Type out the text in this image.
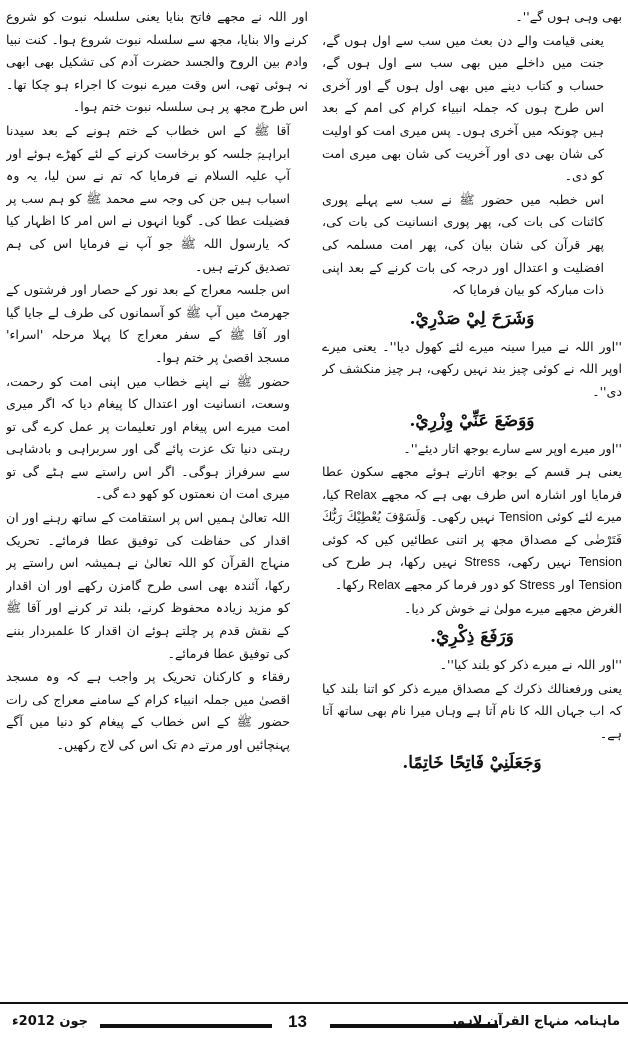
بھی وہی ہوں گے''۔

یعنی قیامت والے دن بعث میں سب سے اول ہوں گے، جنت میں داخلے میں بھی سب سے اول ہوں گے، حساب و کتاب دینے میں بھی اول ہوں گے اور آخری اس طرح ہوں کہ جملہ انبیاء کرام کی امم کے بعد ہیں چونکہ میں آخری ہوں۔ پس میری امت کو اولیت کی شان بھی دی اور آخریت کی شان بھی میری امت کو دی۔

اس خطبہ میں حضور ﷺ نے سب سے پہلے پوری کائنات کی بات کی، پھر پوری انسانیت کی بات کی، پھر قرآن کی شان بیان کی، پھر امت مسلمہ کی افضلیت و اعتدال اور درجہ کی بات کرنے کے بعد اپنی ذات مبارکہ کو بیان فرمایا کہ

وَشَرَحَ لِيْ صَدْرِيْ.

''اور اللہ نے میرا سینہ میرے لئے کھول دیا''۔ یعنی میرے اوپر اللہ نے کوئی چیز بند نہیں رکھی، ہر چیز منکشف کر دی''۔

وَوَضَعَ عَنِّيْ وِزْرِيْ.

''اور میرے اوپر سے سارے بوجھ اتار دیئے''۔

یعنی ہر قسم کے بوجھ اتارتے ہوئے مجھے سکون عطا فرمایا اور اشارہ اس طرف بھی ہے کہ مجھے Relax کیا، میرے لئے کوئی Tension نہیں رکھی۔ وَلَسَوْفَ يُعْطِيْكَ رَبُّكَ فَتَرْضٰى کے مصداق مجھ پر اتنی عطائیں کیں کہ کوئی Tension نہیں رکھی، Stress نہیں رکھا، ہر طرح کی Tension اور Stress کو دور فرما کر مجھے Relax رکھا۔

الغرض مجھے میرے مولیٰ نے خوش کر دیا۔

وَرَفَعَ ذِكْرِيْ.

''اور اللہ نے میرے ذکر کو بلند کیا''۔

یعنی ورفعنالك ذكرك کے مصداق میرے ذکر کو اتنا بلند کیا کہ اب جہاں اللہ کا نام آتا ہے وہاں میرا نام بھی ساتھ آتا ہے۔

وَجَعَلَنِيْ فَاتِحًا خَاتِمًا.

اور اللہ نے مجھے فاتح بنایا یعنی سلسلہ نبوت کو شروع کرنے والا بنایا، مجھ سے سلسلہ نبوت شروع ہوا۔ کنت نبیا وادم بین الروح والجسد حضرت آدم کی تشکیل بھی ابھی نہ ہوئی تھی، اس وقت میرے نبوت کا اجراء ہو چکا تھا۔ اس طرح مجھ پر ہی سلسلہ نبوت ختم ہوا۔

آقا ﷺ کے اس خطاب کے ختم ہونے کے بعد سیدنا ابراہیمؑ جلسہ کو برخاست کرنے کے لئے کھڑے ہوئے اور آپ علیہ السلام نے فرمایا کہ تم نے سن لیا، یہ وہ اسباب ہیں جن کی وجہ سے محمد ﷺ کو ہم سب پر فضیلت عطا کی۔ گویا انہوں نے اس امر کا اظہار کیا کہ یارسول اللہ ﷺ جو آپ نے فرمایا اس کی ہم تصدیق کرتے ہیں۔

اس جلسہ معراج کے بعد نور کے حصار اور فرشتوں کے جھرمٹ میں آپ ﷺ کو آسمانوں کی طرف لے جایا گیا اور آقا ﷺ کے سفر معراج کا پہلا مرحلہ 'اسراء' مسجد اقصیٰ پر ختم ہوا۔

حضور ﷺ نے اپنے خطاب میں اپنی امت کو رحمت، وسعت، انسانیت اور اعتدال کا پیغام دیا کہ اگر میری امت میرے اس پیغام اور تعلیمات پر عمل کرے گی تو رہتی دنیا تک عزت پائے گی اور سربراہی و بادشاہی سے سرفراز ہوگی۔ اگر اس راستے سے ہٹے گی تو میری امت ان نعمتوں کو کھو دے گی۔

اللہ تعالیٰ ہمیں اس پر استقامت کے ساتھ رہنے اور ان اقدار کی حفاظت کی توفیق عطا فرمائے۔ تحریک منہاج القرآن کو اللہ تعالیٰ نے ہمیشہ اس راستے پر رکھا، آئندہ بھی اسی طرح گامزن رکھے اور ان اقدار کو مزید زیادہ محفوظ کرنے، بلند تر کرنے اور آقا ﷺ کے نقش قدم پر چلتے ہوئے ان اقدار کا علمبردار بننے کی توفیق عطا فرمائے۔

رفقاء و کارکنان تحریک پر واجب ہے کہ وہ مسجد اقصیٰ میں جملہ انبیاء کرام کے سامنے معراج کی رات حضور ﷺ کے اس خطاب کے پیغام کو دنیا میں آگے پہنچائیں اور مرتے دم تک اس کی لاج رکھیں۔

جون 2012ء	13	ماہنامہ منہاج القرآن لاہور
